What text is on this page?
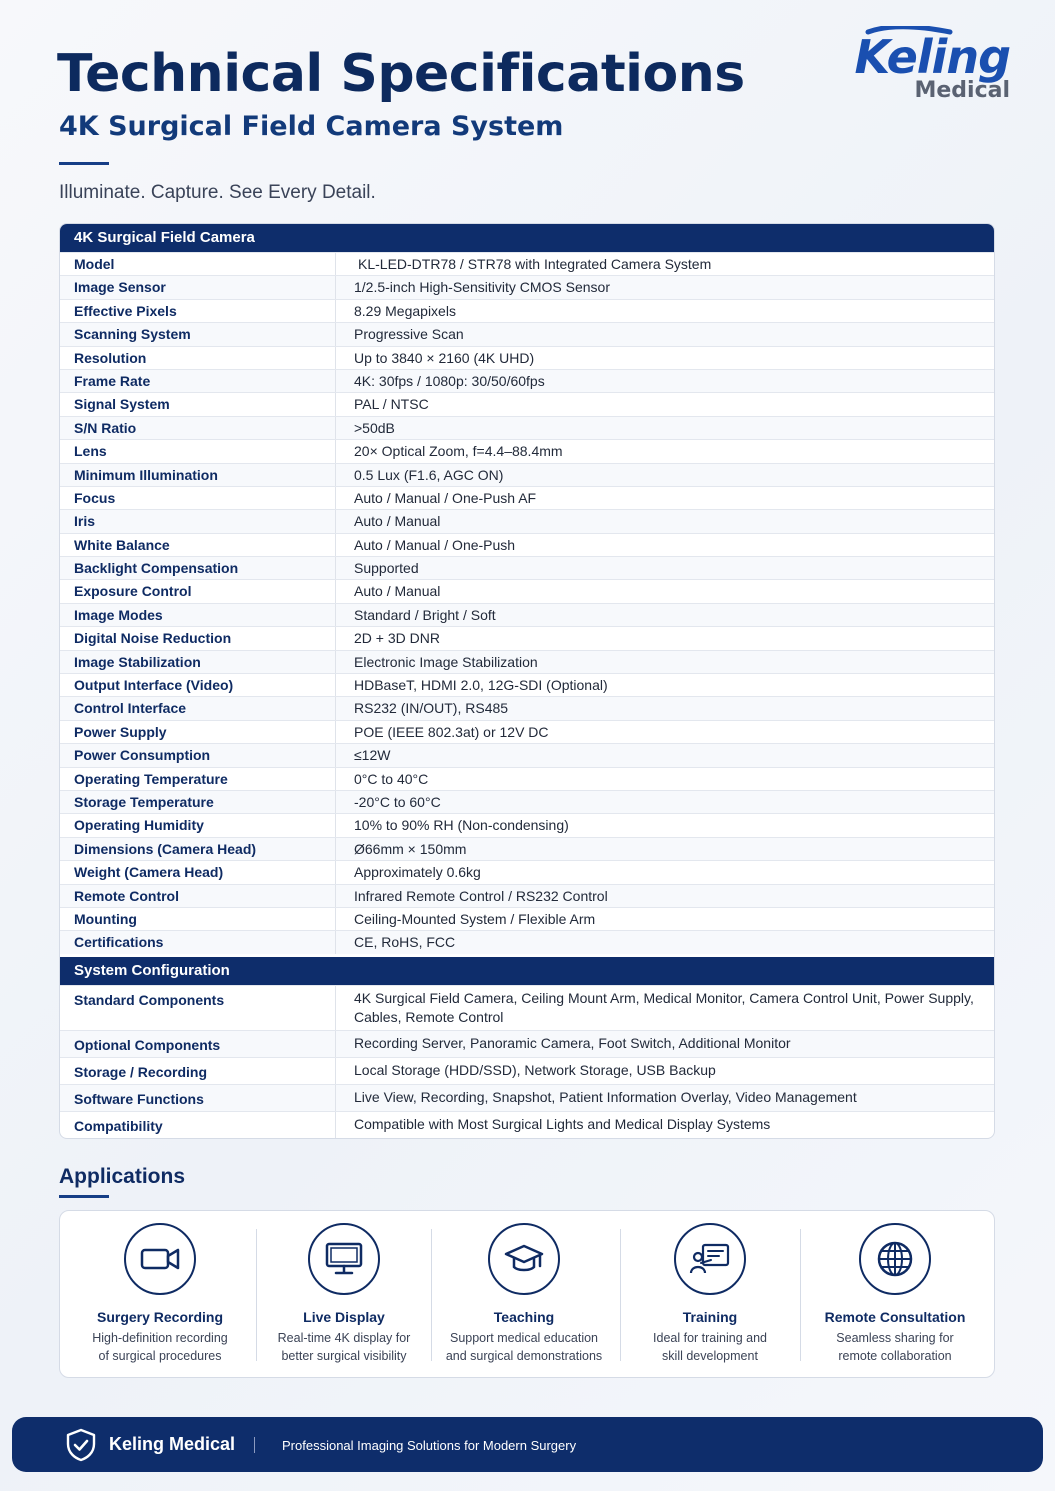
Technical Specifications
4K Surgical Field Camera System

Illuminate. Capture. See Every Detail.

Keling
Medical
4K Surgical Field Camera
Model	KL-LED-DTR78 / STR78 with Integrated Camera System
Image Sensor	1/2.5-inch High-Sensitivity CMOS Sensor
Effective Pixels	8.29 Megapixels
Scanning System	Progressive Scan
Resolution	Up to 3840 × 2160 (4K UHD)
Frame Rate	4K: 30fps / 1080p: 30/50/60fps
Signal System	PAL / NTSC
S/N Ratio	>50dB
Lens	20× Optical Zoom, f=4.4–88.4mm
Minimum Illumination	0.5 Lux (F1.6, AGC ON)
Focus	Auto / Manual / One-Push AF
Iris	Auto / Manual
White Balance	Auto / Manual / One-Push
Backlight Compensation	Supported
Exposure Control	Auto / Manual
Image Modes	Standard / Bright / Soft
Digital Noise Reduction	2D + 3D DNR
Image Stabilization	Electronic Image Stabilization
Output Interface (Video)	HDBaseT, HDMI 2.0, 12G-SDI (Optional)
Control Interface	RS232 (IN/OUT), RS485
Power Supply	POE (IEEE 802.3at) or 12V DC
Power Consumption	≤12W
Operating Temperature	0°C to 40°C
Storage Temperature	-20°C to 60°C
Operating Humidity	10% to 90% RH (Non-condensing)
Dimensions (Camera Head)	Ø66mm × 150mm
Weight (Camera Head)	Approximately 0.6kg
Remote Control	Infrared Remote Control / RS232 Control
Mounting	Ceiling-Mounted System / Flexible Arm
Certifications	CE, RoHS, FCC
System Configuration
Standard Components	4K Surgical Field Camera, Ceiling Mount Arm, Medical Monitor, Camera Control Unit, Power Supply, Cables, Remote Control
Optional Components	Recording Server, Panoramic Camera, Foot Switch, Additional Monitor
Storage / Recording	Local Storage (HDD/SSD), Network Storage, USB Backup
Software Functions	Live View, Recording, Snapshot, Patient Information Overlay, Video Management
Compatibility	Compatible with Most Surgical Lights and Medical Display Systems
Applications
Surgery Recording
High-definition recording
of surgical procedures
Live Display
Real-time 4K display for
better surgical visibility
Teaching
Support medical education
and surgical demonstrations
Training
Ideal for training and
skill development
Remote Consultation
Seamless sharing for
remote collaboration
Keling Medical	Professional Imaging Solutions for Modern Surgery
